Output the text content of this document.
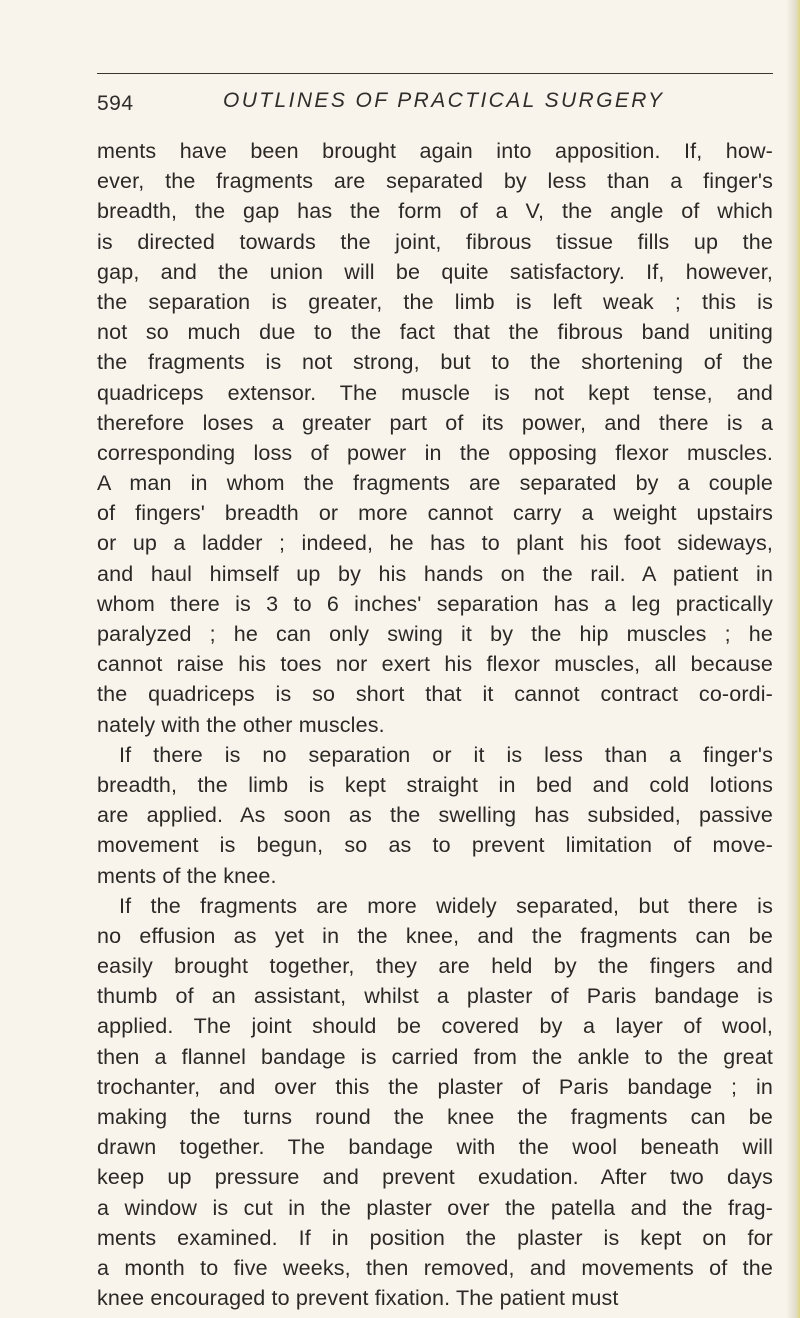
594	OUTLINES OF PRACTICAL SURGERY
ments have been brought again into apposition. If, how-
ever, the fragments are separated by less than a finger's
breadth, the gap has the form of a V, the angle of which
is directed towards the joint, fibrous tissue fills up the
gap, and the union will be quite satisfactory. If, however,
the separation is greater, the limb is left weak ; this is
not so much due to the fact that the fibrous band uniting
the fragments is not strong, but to the shortening of the
quadriceps extensor. The muscle is not kept tense, and
therefore loses a greater part of its power, and there is a
corresponding loss of power in the opposing flexor muscles.
A man in whom the fragments are separated by a couple
of fingers' breadth or more cannot carry a weight upstairs
or up a ladder ; indeed, he has to plant his foot sideways,
and haul himself up by his hands on the rail. A patient in
whom there is 3 to 6 inches' separation has a leg practically
paralyzed ; he can only swing it by the hip muscles ; he
cannot raise his toes nor exert his flexor muscles, all because
the quadriceps is so short that it cannot contract co-ordi-
nately with the other muscles.
If there is no separation or it is less than a finger's
breadth, the limb is kept straight in bed and cold lotions
are applied. As soon as the swelling has subsided, passive
movement is begun, so as to prevent limitation of move-
ments of the knee.
If the fragments are more widely separated, but there is
no effusion as yet in the knee, and the fragments can be
easily brought together, they are held by the fingers and
thumb of an assistant, whilst a plaster of Paris bandage is
applied. The joint should be covered by a layer of wool,
then a flannel bandage is carried from the ankle to the great
trochanter, and over this the plaster of Paris bandage ; in
making the turns round the knee the fragments can be
drawn together. The bandage with the wool beneath will
keep up pressure and prevent exudation. After two days
a window is cut in the plaster over the patella and the frag-
ments examined. If in position the plaster is kept on for
a month to five weeks, then removed, and movements of the
knee encouraged to prevent fixation. The patient must
